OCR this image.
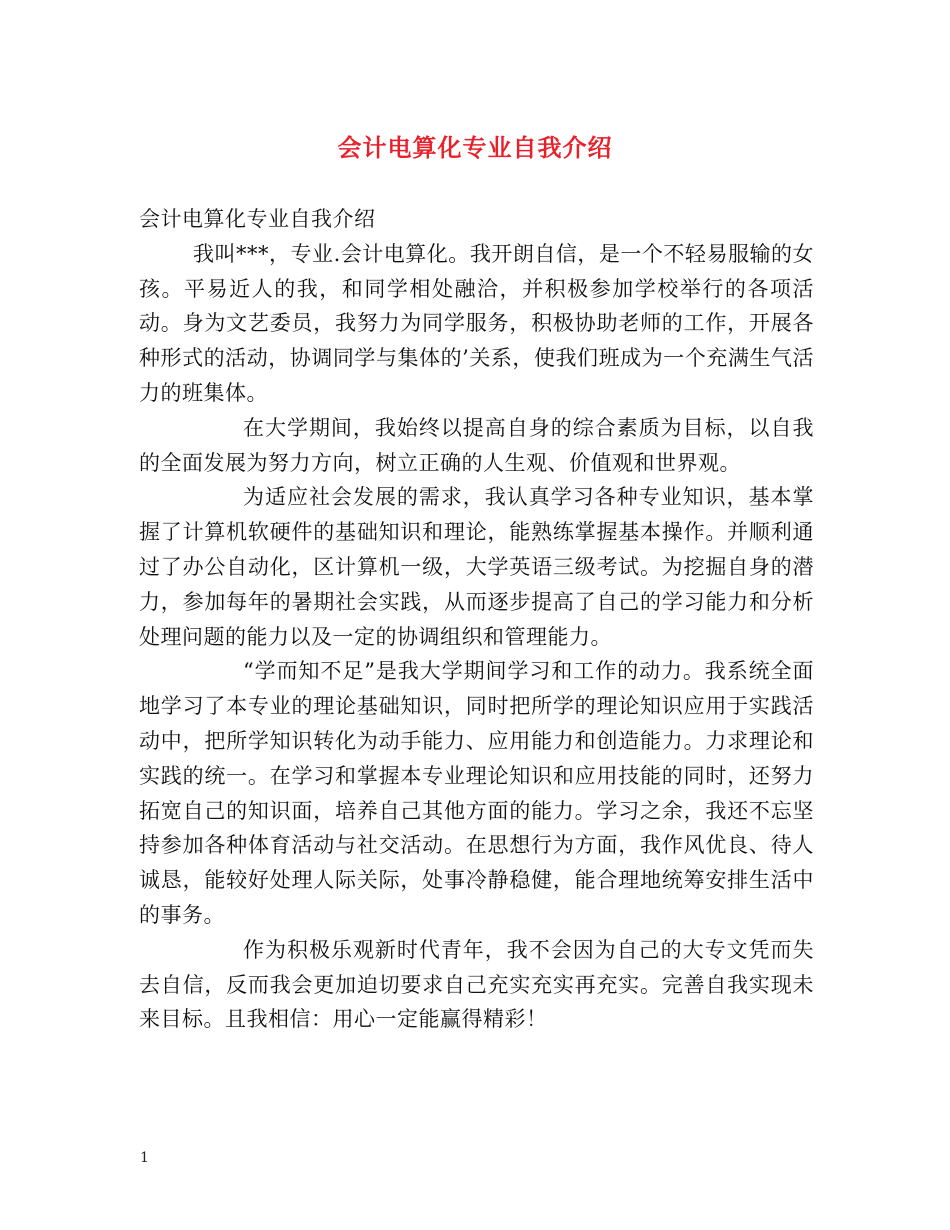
会计电算化专业自我介绍

会计电算化专业自我介绍

我叫***，专业.会计电算化。我开朗自信，是一个不轻易服输的女孩。平易近人的我，和同学相处融洽，并积极参加学校举行的各项活动。身为文艺委员，我努力为同学服务，积极协助老师的工作，开展各种形式的活动，协调同学与集体的’关系，使我们班成为一个充满生气活力的班集体。

在大学期间，我始终以提高自身的综合素质为目标，以自我的全面发展为努力方向，树立正确的人生观、价值观和世界观。

为适应社会发展的需求，我认真学习各种专业知识，基本掌握了计算机软硬件的基础知识和理论，能熟练掌握基本操作。并顺利通过了办公自动化，区计算机一级，大学英语三级考试。为挖掘自身的潜力，参加每年的暑期社会实践，从而逐步提高了自己的学习能力和分析处理问题的能力以及一定的协调组织和管理能力。

“学而知不足”是我大学期间学习和工作的动力。我系统全面地学习了本专业的理论基础知识，同时把所学的理论知识应用于实践活动中，把所学知识转化为动手能力、应用能力和创造能力。力求理论和实践的统一。在学习和掌握本专业理论知识和应用技能的同时，还努力拓宽自己的知识面，培养自己其他方面的能力。学习之余，我还不忘坚持参加各种体育活动与社交活动。在思想行为方面，我作风优良、待人诚恳，能较好处理人际关际，处事冷静稳健，能合理地统筹安排生活中的事务。

作为积极乐观新时代青年，我不会因为自己的大专文凭而失去自信，反而我会更加迫切要求自己充实充实再充实。完善自我实现未来目标。且我相信：用心一定能赢得精彩！

1
